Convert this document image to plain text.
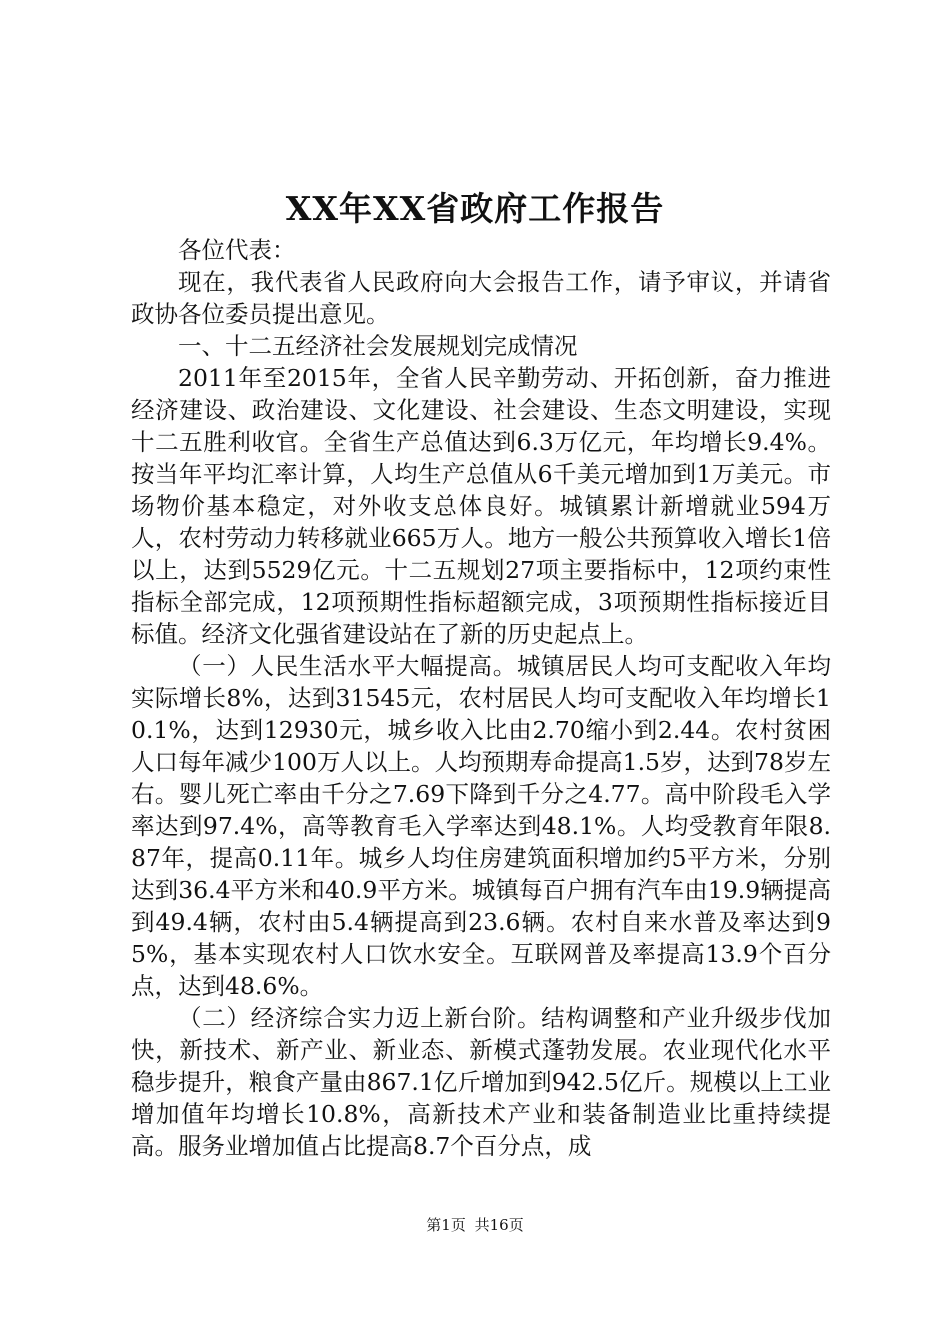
XX年XX省政府工作报告

各位代表：

现在，我代表省人民政府向大会报告工作，请予审议，并请省政协各位委员提出意见。

一、十二五经济社会发展规划完成情况

2011年至2015年，全省人民辛勤劳动、开拓创新，奋力推进经济建设、政治建设、文化建设、社会建设、生态文明建设，实现十二五胜利收官。全省生产总值达到6.3万亿元，年均增长9.4%。按当年平均汇率计算，人均生产总值从6千美元增加到1万美元。市场物价基本稳定，对外收支总体良好。城镇累计新增就业594万人，农村劳动力转移就业665万人。地方一般公共预算收入增长1倍以上，达到5529亿元。十二五规划27项主要指标中，12项约束性指标全部完成，12项预期性指标超额完成，3项预期性指标接近目标值。经济文化强省建设站在了新的历史起点上。

（一）人民生活水平大幅提高。城镇居民人均可支配收入年均实际增长8%，达到31545元，农村居民人均可支配收入年均增长10.1%，达到12930元，城乡收入比由2.70缩小到2.44。农村贫困人口每年减少100万人以上。人均预期寿命提高1.5岁，达到78岁左右。婴儿死亡率由千分之7.69下降到千分之4.77。高中阶段毛入学率达到97.4%，高等教育毛入学率达到48.1%。人均受教育年限8.87年，提高0.11年。城乡人均住房建筑面积增加约5平方米，分别达到36.4平方米和40.9平方米。城镇每百户拥有汽车由19.9辆提高到49.4辆，农村由5.4辆提高到23.6辆。农村自来水普及率达到95%，基本实现农村人口饮水安全。互联网普及率提高13.9个百分点，达到48.6%。

（二）经济综合实力迈上新台阶。结构调整和产业升级步伐加快，新技术、新产业、新业态、新模式蓬勃发展。农业现代化水平稳步提升，粮食产量由867.1亿斤增加到942.5亿斤。规模以上工业增加值年均增长10.8%，高新技术产业和装备制造业比重持续提高。服务业增加值占比提高8.7个百分点，成

第1页 共16页
